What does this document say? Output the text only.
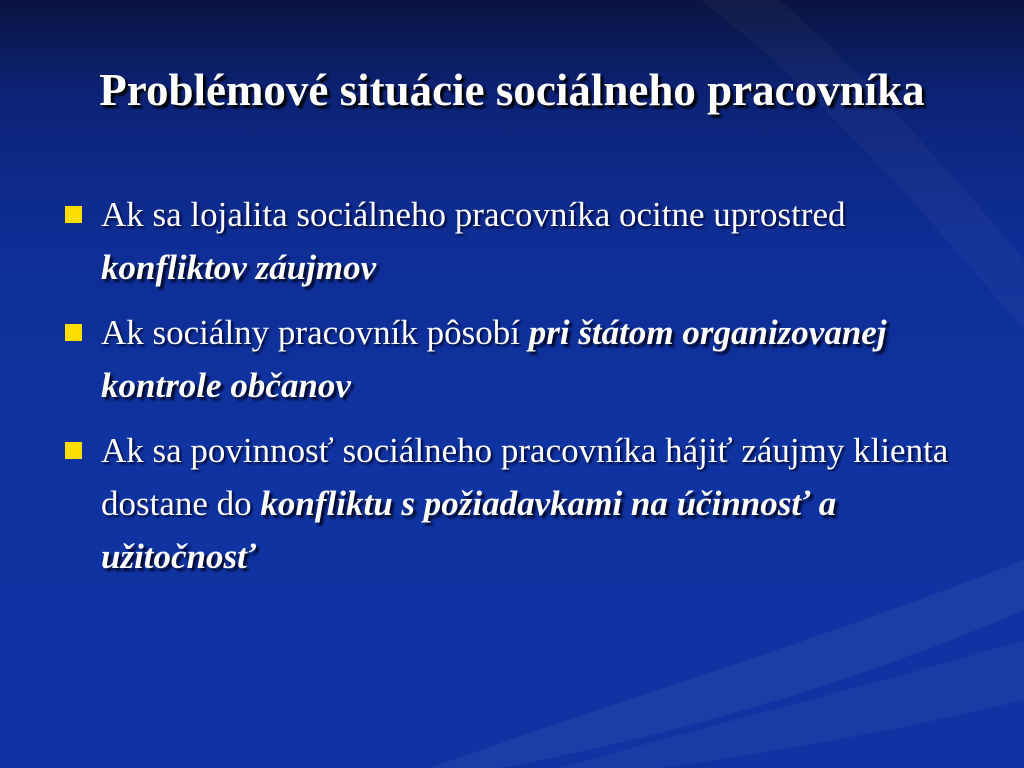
Problémové situácie sociálneho pracovníka
Ak sa lojalita sociálneho pracovníka ocitne uprostred konfliktov záujmov
Ak sociálny pracovník pôsobí pri štátom organizovanej kontrole občanov
Ak sa povinnosť sociálneho pracovníka hájiť záujmy klienta dostane do konfliktu s požiadavkami na účinnosť a užitočnosť
